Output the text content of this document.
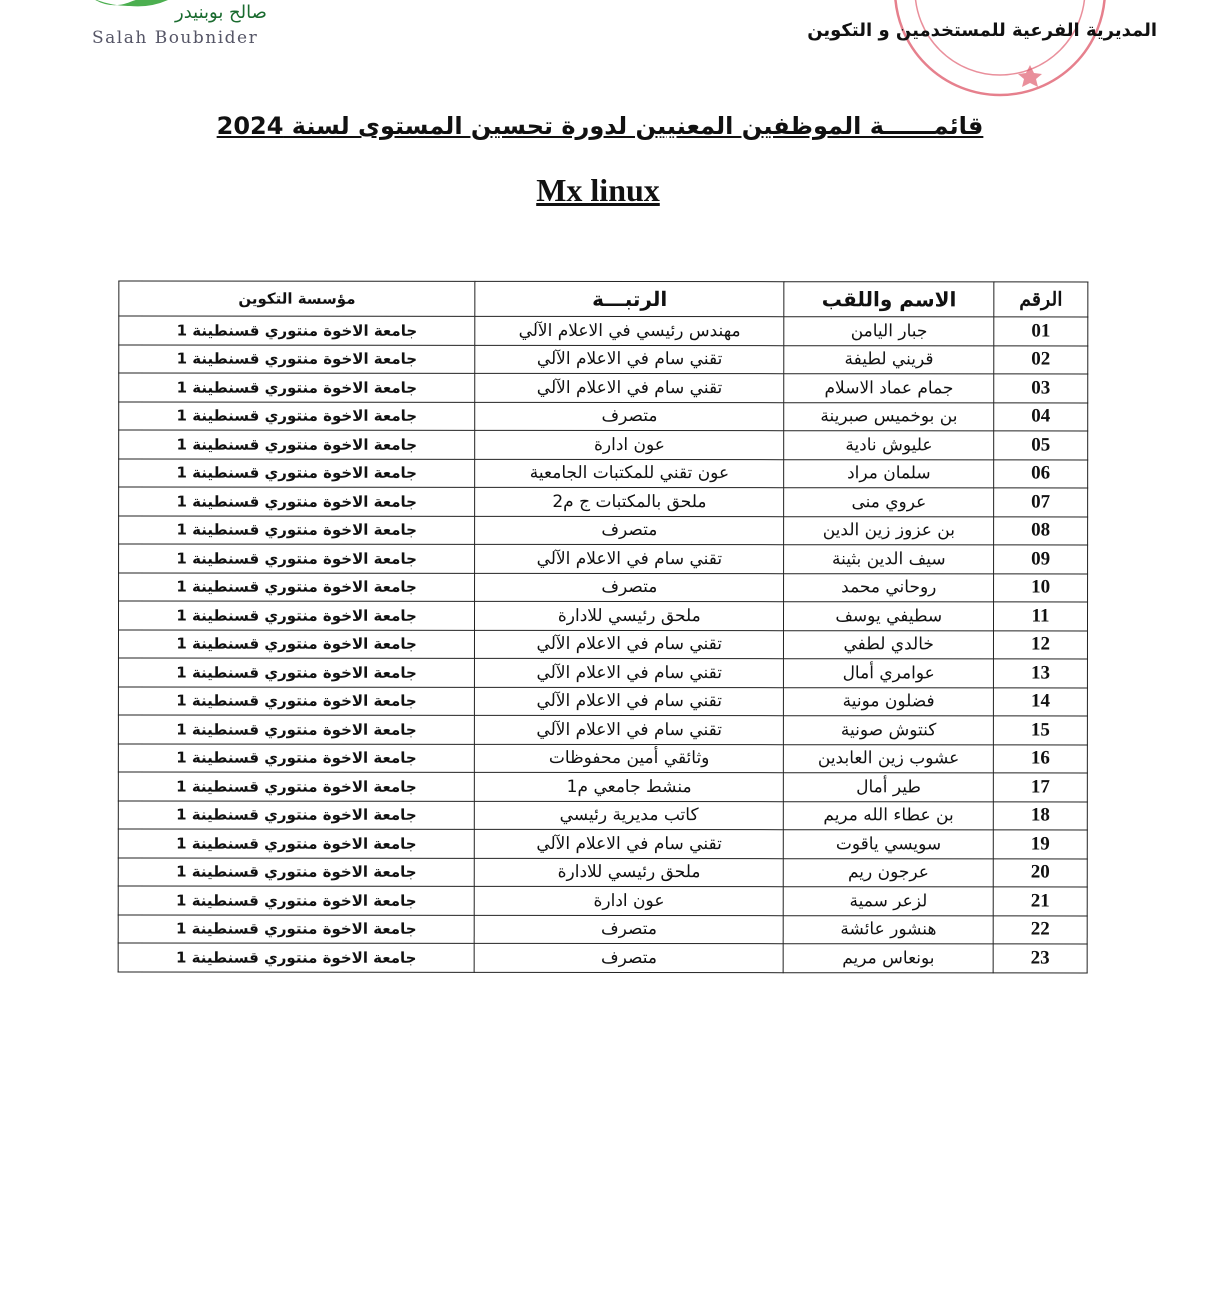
صالح بوبنيدر
Salah Boubnider	المديرية الفرعية للمستخدمين و التكوين
قائمــــــة الموظفين المعنيين لدورة تحسين المستوى لسنة 2024
Mx linux
الرقم	الاسم واللقب	الرتبـــة	مؤسسة التكوين
01	جبار اليامن	مهندس رئيسي في الاعلام الآلي	جامعة الاخوة منتوري قسنطينة 1
02	قريني لطيفة	تقني سام في الاعلام الآلي	جامعة الاخوة منتوري قسنطينة 1
03	جمام عماد الاسلام	تقني سام في الاعلام الآلي	جامعة الاخوة منتوري قسنطينة 1
04	بن بوخميس صبرينة	متصرف	جامعة الاخوة منتوري قسنطينة 1
05	عليوش نادية	عون ادارة	جامعة الاخوة منتوري قسنطينة 1
06	سلمان مراد	عون تقني للمكتبات الجامعية	جامعة الاخوة منتوري قسنطينة 1
07	عروي منى	ملحق بالمكتبات ج م2	جامعة الاخوة منتوري قسنطينة 1
08	بن عزوز زين الدين	متصرف	جامعة الاخوة منتوري قسنطينة 1
09	سيف الدين بثينة	تقني سام في الاعلام الآلي	جامعة الاخوة منتوري قسنطينة 1
10	روحاني محمد	متصرف	جامعة الاخوة منتوري قسنطينة 1
11	سطيفي يوسف	ملحق رئيسي للادارة	جامعة الاخوة منتوري قسنطينة 1
12	خالدي لطفي	تقني سام في الاعلام الآلي	جامعة الاخوة منتوري قسنطينة 1
13	عوامري أمال	تقني سام في الاعلام الآلي	جامعة الاخوة منتوري قسنطينة 1
14	فضلون مونية	تقني سام في الاعلام الآلي	جامعة الاخوة منتوري قسنطينة 1
15	كنتوش صونية	تقني سام في الاعلام الآلي	جامعة الاخوة منتوري قسنطينة 1
16	عشوب زين العابدين	وثائقي أمين محفوظات	جامعة الاخوة منتوري قسنطينة 1
17	طير أمال	منشط جامعي م1	جامعة الاخوة منتوري قسنطينة 1
18	بن عطاء الله مريم	كاتب مديرية رئيسي	جامعة الاخوة منتوري قسنطينة 1
19	سويسي ياقوت	تقني سام في الاعلام الآلي	جامعة الاخوة منتوري قسنطينة 1
20	عرجون ريم	ملحق رئيسي للادارة	جامعة الاخوة منتوري قسنطينة 1
21	لزعر سمية	عون ادارة	جامعة الاخوة منتوري قسنطينة 1
22	هنشور عائشة	متصرف	جامعة الاخوة منتوري قسنطينة 1
23	بونعاس مريم	متصرف	جامعة الاخوة منتوري قسنطينة 1
